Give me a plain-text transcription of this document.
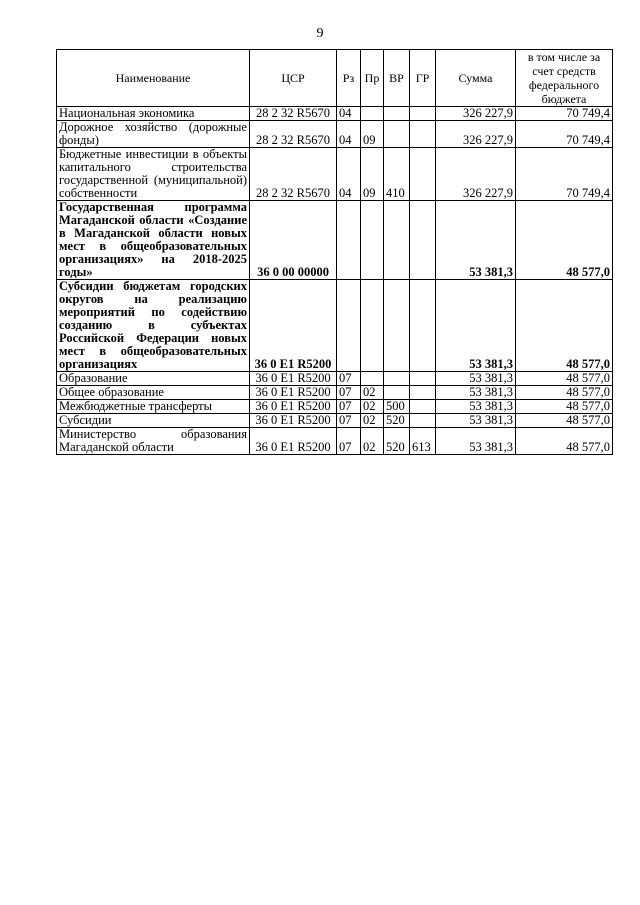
9
Наименование	ЦСР	Рз	Пр	ВР	ГР	Сумма	в том числе за счет средств федерального бюджета
Национальная экономика	28 2 32 R5670	04				326 227,9	70 749,4
Дорожное хозяйство (дорожные фонды)	28 2 32 R5670	04	09			326 227,9	70 749,4
Бюджетные инвестиции в объекты капитального строительства государственной (муниципальной) собственности	28 2 32 R5670	04	09	410		326 227,9	70 749,4
Государственная программа Магаданской области «Создание в Магаданской области новых мест в общеобразовательных организациях» на 2018-2025 годы»	36 0 00 00000					53 381,3	48 577,0
Субсидии бюджетам городских округов на реализацию мероприятий по содействию созданию в субъектах Российской Федерации новых мест в общеобразовательных организациях	36 0 E1 R5200					53 381,3	48 577,0
Образование	36 0 E1 R5200	07				53 381,3	48 577,0
Общее образование	36 0 E1 R5200	07	02			53 381,3	48 577,0
Межбюджетные трансферты	36 0 E1 R5200	07	02	500		53 381,3	48 577,0
Субсидии	36 0 E1 R5200	07	02	520		53 381,3	48 577,0
Министерство образования Магаданской области	36 0 E1 R5200	07	02	520	613	53 381,3	48 577,0
